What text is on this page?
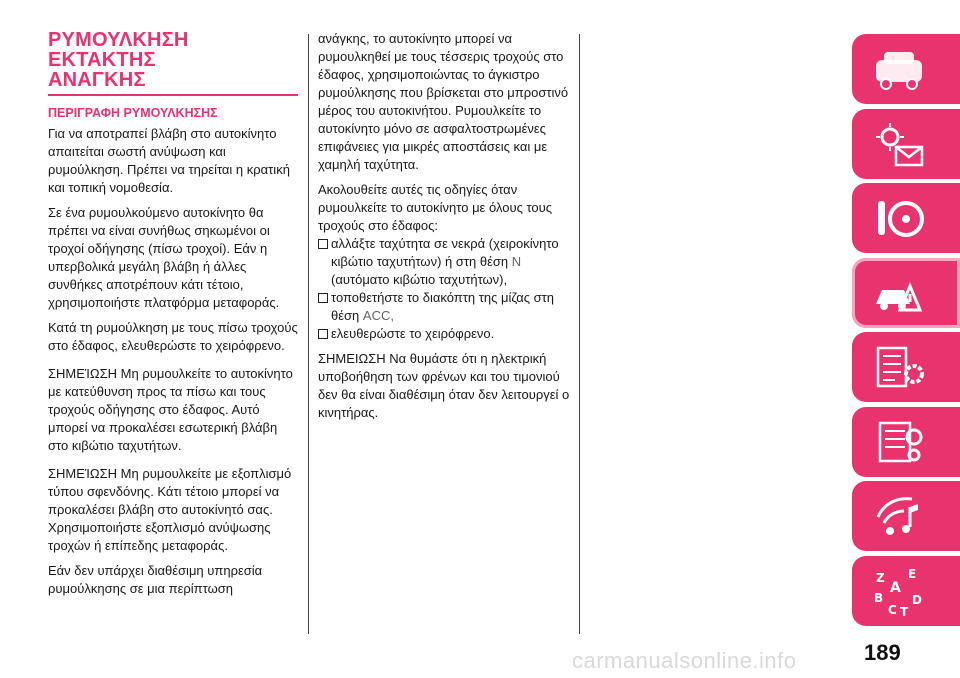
ΡΥΜΟΥΛΚΗΣΗ ΕΚΤΑΚΤΗΣ
ΑΝΑΓΚΗΣ
ΠΕΡΙΓΡΑΦΗ ΡΥΜΟΥΛΚΗΣΗΣ

Για να αποτραπεί βλάβη στο αυτοκίνητο απαιτείται σωστή ανύψωση και ρυμούλκηση. Πρέπει να τηρείται η κρατική και τοπική νομοθεσία.

Σε ένα ρυμουλκούμενο αυτοκίνητο θα πρέπει να είναι συνήθως σηκωμένοι οι τροχοί οδήγησης (πίσω τροχοί). Εάν η υπερβολικά μεγάλη βλάβη ή άλλες συνθήκες αποτρέπουν κάτι τέτοιο, χρησιμοποιήστε πλατφόρμα μεταφοράς.

Κατά τη ρυμούλκηση με τους πίσω τροχούς στο έδαφος, ελευθερώστε το χειρόφρενο.

ΣΗΜΕΊΩΣΗ Μη ρυμουλκείτε το αυτοκίνητο με κατεύθυνση προς τα πίσω και τους τροχούς οδήγησης στο έδαφος. Αυτό μπορεί να προκαλέσει εσωτερική βλάβη στο κιβώτιο ταχυτήτων.

ΣΗΜΕΊΩΣΗ Μη ρυμουλκείτε με εξοπλισμό τύπου σφενδόνης. Κάτι τέτοιο μπορεί να προκαλέσει βλάβη στο αυτοκίνητό σας. Χρησιμοποιήστε εξοπλισμό ανύψωσης τροχών ή επίπεδης μεταφοράς.

Εάν δεν υπάρχει διαθέσιμη υπηρεσία ρυμούλκησης σε μια περίπτωση

ανάγκης, το αυτοκίνητο μπορεί να ρυμουλκηθεί με τους τέσσερις τροχούς στο έδαφος, χρησιμοποιώντας το άγκιστρο ρυμούλκησης που βρίσκεται στο μπροστινό μέρος του αυτοκινήτου. Ρυμουλκείτε το αυτοκίνητο μόνο σε ασφαλτοστρωμένες επιφάνειες για μικρές αποστάσεις και με χαμηλή ταχύτητα.

Ακολουθείτε αυτές τις οδηγίες όταν ρυμουλκείτε το αυτοκίνητο με όλους τους τροχούς στο έδαφος:

αλλάξτε ταχύτητα σε νεκρά (χειροκίνητο κιβώτιο ταχυτήτων) ή στη θέση N (αυτόματο κιβώτιο ταχυτήτων),
τοποθετήστε το διακόπτη της μίζας στη θέση ACC,
ελευθερώστε το χειρόφρενο.

ΣΗΜΕΙΩΣΗ Να θυμάστε ότι η ηλεκτρική υποβοήθηση των φρένων και του τιμονιού δεν θα είναι διαθέσιμη όταν δεν λειτουργεί ο κινητήρας.

Z E
A
B D
C T
carmanualsonline.info	189
